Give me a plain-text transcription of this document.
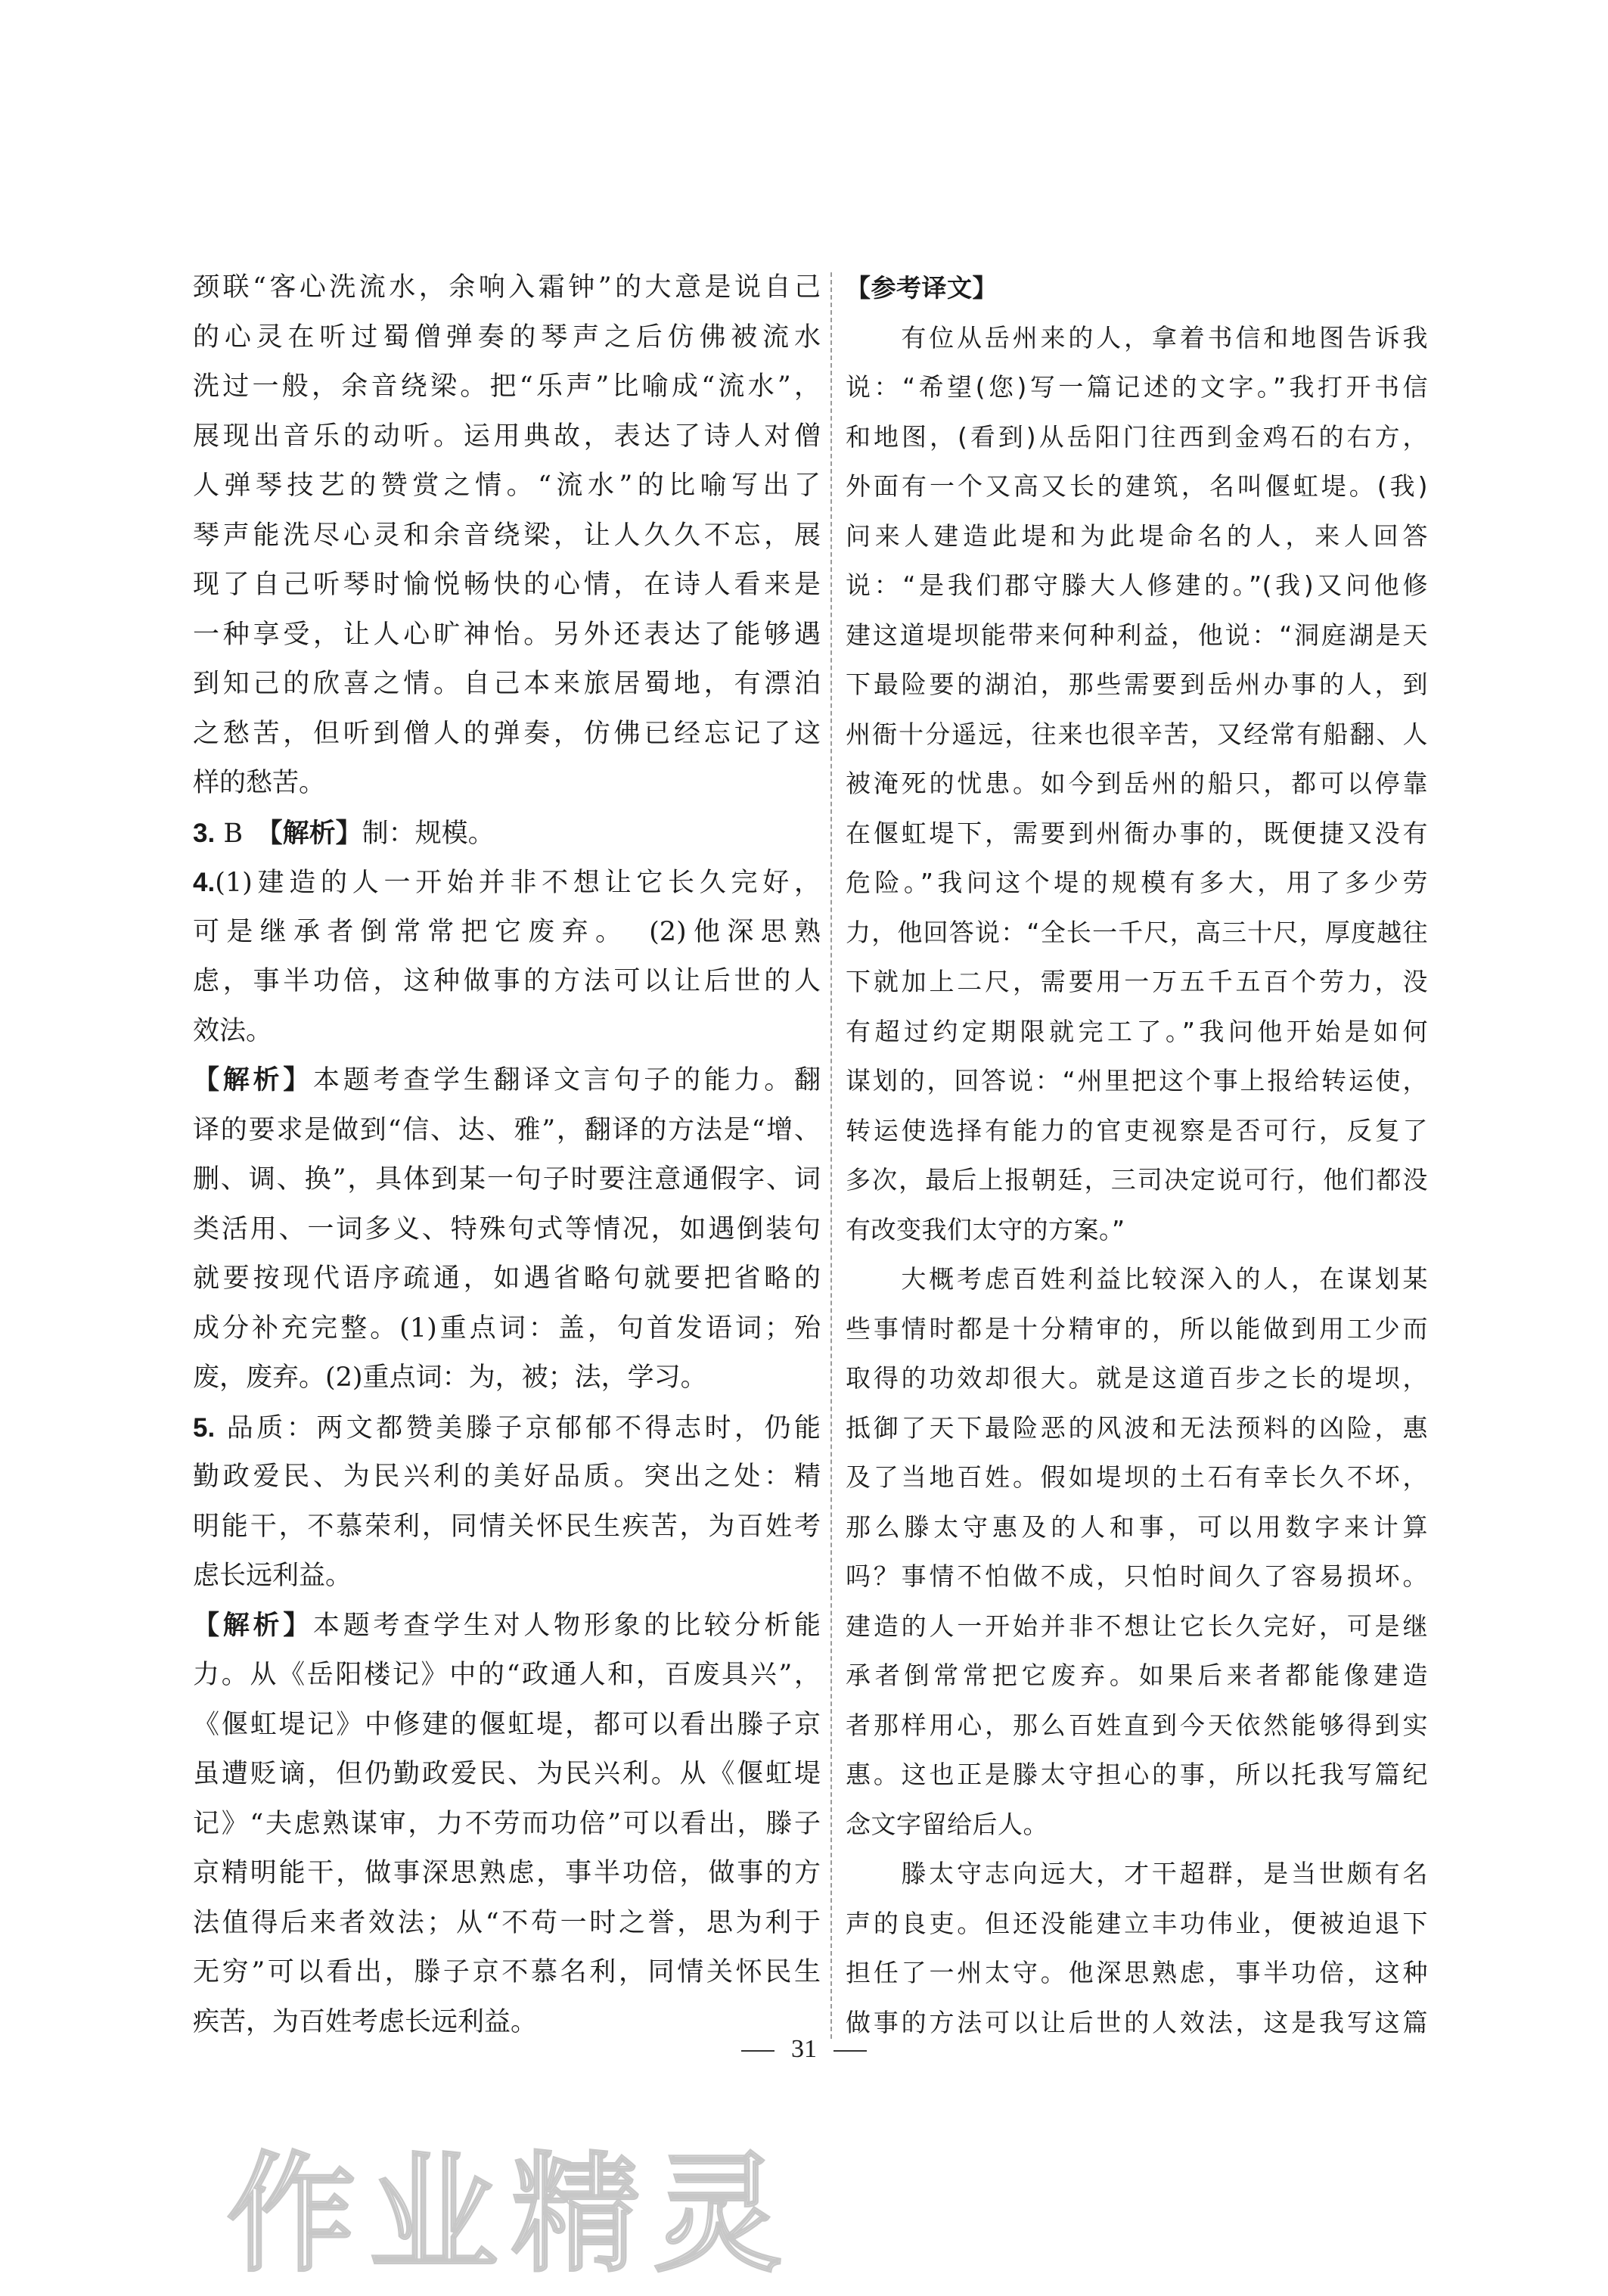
颈联“客心洗流水，余响入霜钟”的大意是说自己
的心灵在听过蜀僧弹奏的琴声之后仿佛被流水
洗过一般，余音绕梁。把“乐声”比喻成“流水”，
展现出音乐的动听。运用典故，表达了诗人对僧
人弹琴技艺的赞赏之情。“流水”的比喻写出了
琴声能洗尽心灵和余音绕梁，让人久久不忘，展
现了自己听琴时愉悦畅快的心情，在诗人看来是
一种享受，让人心旷神怡。另外还表达了能够遇
到知己的欣喜之情。自己本来旅居蜀地，有漂泊
之愁苦，但听到僧人的弹奏，仿佛已经忘记了这
样的愁苦。
3. B　【解析】制：规模。
4.(1)建造的人一开始并非不想让它长久完好，
可是继承者倒常常把它废弃。　(2)他深思熟
虑，事半功倍，这种做事的方法可以让后世的人
效法。
【解析】本题考查学生翻译文言句子的能力。翻
译的要求是做到“信、达、雅”，翻译的方法是“增、
删、调、换”，具体到某一句子时要注意通假字、词
类活用、一词多义、特殊句式等情况，如遇倒装句
就要按现代语序疏通，如遇省略句就要把省略的
成分补充完整。(1)重点词：盖，句首发语词；殆
废，废弃。(2)重点词：为，被；法，学习。
5. 品质：两文都赞美滕子京郁郁不得志时，仍能
勤政爱民、为民兴利的美好品质。突出之处：精
明能干，不慕荣利，同情关怀民生疾苦，为百姓考
虑长远利益。
【解析】本题考查学生对人物形象的比较分析能
力。从《岳阳楼记》中的“政通人和，百废具兴”，
《偃虹堤记》中修建的偃虹堤，都可以看出滕子京
虽遭贬谪，但仍勤政爱民、为民兴利。从《偃虹堤
记》“夫虑熟谋审，力不劳而功倍”可以看出，滕子
京精明能干，做事深思熟虑，事半功倍，做事的方
法值得后来者效法；从“不苟一时之誉，思为利于
无穷”可以看出，滕子京不慕名利，同情关怀民生
疾苦，为百姓考虑长远利益。
【参考译文】
有位从岳州来的人，拿着书信和地图告诉我
说：“希望(您)写一篇记述的文字。”我打开书信
和地图，(看到)从岳阳门往西到金鸡石的右方，
外面有一个又高又长的建筑，名叫偃虹堤。(我)
问来人建造此堤和为此堤命名的人，来人回答
说：“是我们郡守滕大人修建的。”(我)又问他修
建这道堤坝能带来何种利益，他说：“洞庭湖是天
下最险要的湖泊，那些需要到岳州办事的人，到
州衙十分遥远，往来也很辛苦，又经常有船翻、人
被淹死的忧患。如今到岳州的船只，都可以停靠
在偃虹堤下，需要到州衙办事的，既便捷又没有
危险。”我问这个堤的规模有多大，用了多少劳
力，他回答说：“全长一千尺，高三十尺，厚度越往
下就加上二尺，需要用一万五千五百个劳力，没
有超过约定期限就完工了。”我问他开始是如何
谋划的，回答说：“州里把这个事上报给转运使，
转运使选择有能力的官吏视察是否可行，反复了
多次，最后上报朝廷，三司决定说可行，他们都没
有改变我们太守的方案。”
大概考虑百姓利益比较深入的人，在谋划某
些事情时都是十分精审的，所以能做到用工少而
取得的功效却很大。就是这道百步之长的堤坝，
抵御了天下最险恶的风波和无法预料的凶险，惠
及了当地百姓。假如堤坝的土石有幸长久不坏，
那么滕太守惠及的人和事，可以用数字来计算
吗？事情不怕做不成，只怕时间久了容易损坏。
建造的人一开始并非不想让它长久完好，可是继
承者倒常常把它废弃。如果后来者都能像建造
者那样用心，那么百姓直到今天依然能够得到实
惠。这也正是滕太守担心的事，所以托我写篇纪
念文字留给后人。
滕太守志向远大，才干超群，是当世颇有名
声的良吏。但还没能建立丰功伟业，便被迫退下
担任了一州太守。他深思熟虑，事半功倍，这种
做事的方法可以让后世的人效法，这是我写这篇
31
作业精灵
